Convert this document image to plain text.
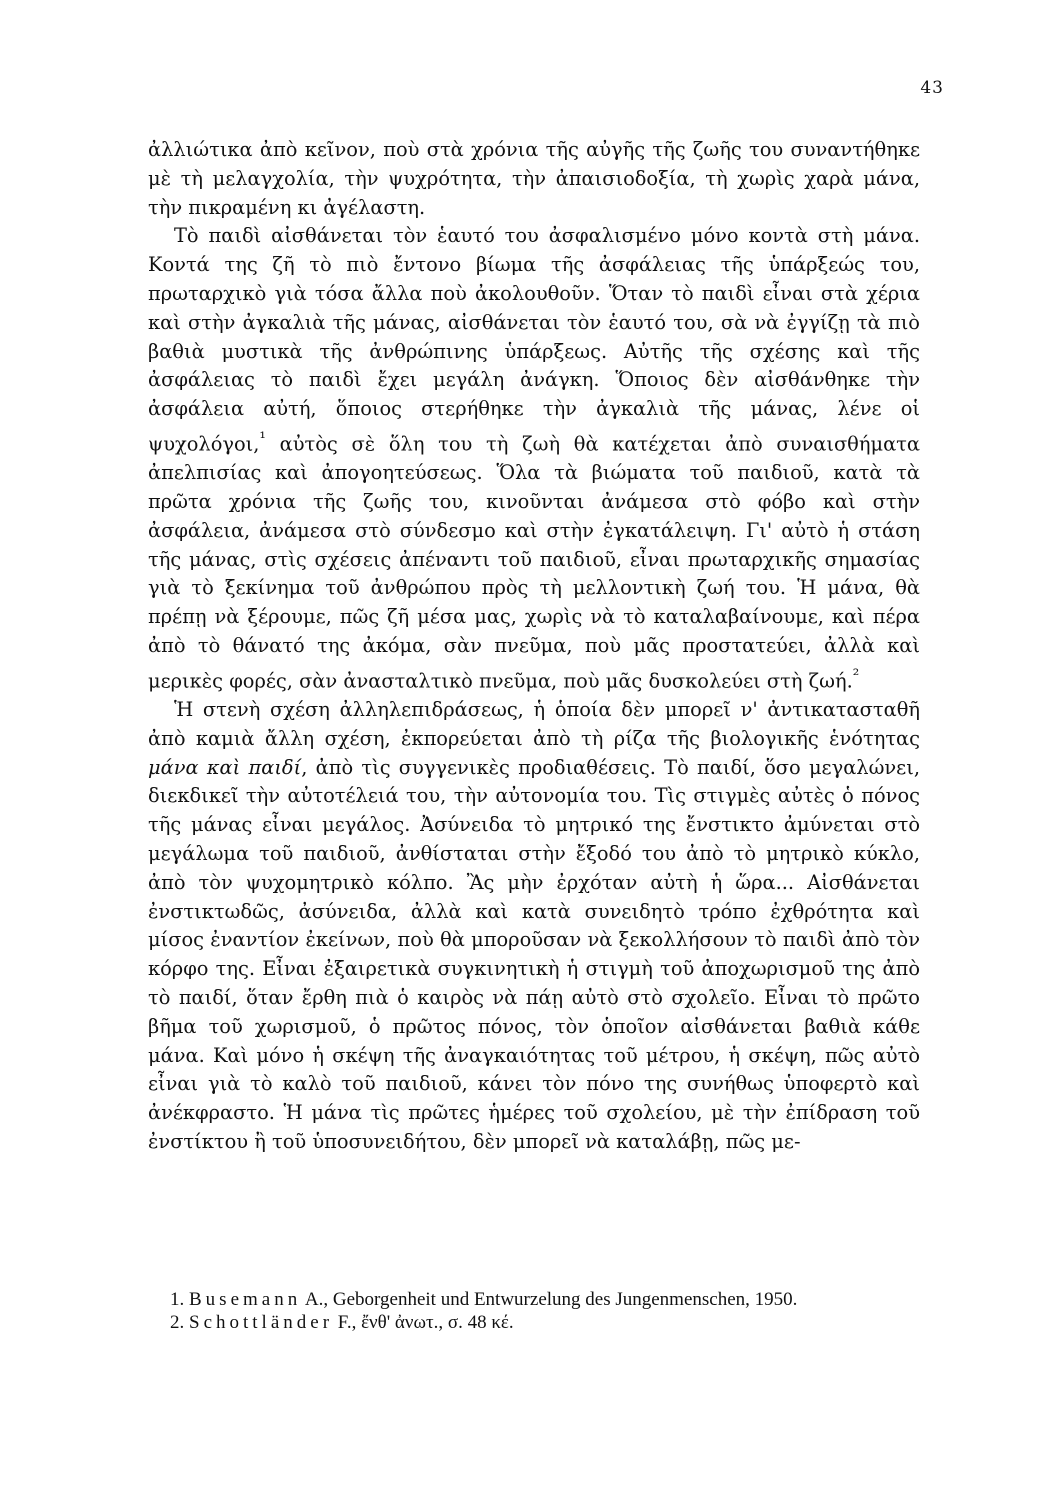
43

ἀλλιώτικα ἀπὸ κεῖνον, ποὺ στὰ χρόνια τῆς αὐγῆς τῆς ζωῆς του συναντήθηκε μὲ τὴ μελαγχολία, τὴν ψυχρότητα, τὴν ἀπαισιοδοξία, τὴ χωρὶς χαρὰ μάνα, τὴν πικραμένη κι ἀγέλαστη.

Τὸ παιδὶ αἰσθάνεται τὸν ἑαυτό του ἀσφαλισμένο μόνο κοντὰ στὴ μάνα. Κοντά της ζῆ τὸ πιὸ ἔντονο βίωμα τῆς ἀσφάλειας τῆς ὑπάρξεώς του, πρωταρχικὸ γιὰ τόσα ἄλλα ποὺ ἀκολουθοῦν. Ὅταν τὸ παιδὶ εἶναι στὰ χέρια καὶ στὴν ἀγκαλιὰ τῆς μάνας, αἰσθάνεται τὸν ἑαυτό του, σὰ νὰ ἐγγίζῃ τὰ πιὸ βαθιὰ μυστικὰ τῆς ἀνθρώπινης ὑπάρξεως. Αὐτῆς τῆς σχέσης καὶ τῆς ἀσφάλειας τὸ παιδὶ ἔχει μεγάλη ἀνάγκη. Ὅποιος δὲν αἰσθάνθηκε τὴν ἀσφάλεια αὐτή, ὅποιος στερήθηκε τὴν ἀγκαλιὰ τῆς μάνας, λένε οἱ ψυχολόγοι,$^{^1}$ αὐτὸς σὲ ὅλη του τὴ ζωὴ θὰ κατέχεται ἀπὸ συναισθήματα ἀπελπισίας καὶ ἀπογοητεύσεως. Ὅλα τὰ βιώματα τοῦ παιδιοῦ, κατὰ τὰ πρῶτα χρόνια τῆς ζωῆς του, κινοῦνται ἀνάμεσα στὸ φόβο καὶ στὴν ἀσφάλεια, ἀνάμεσα στὸ σύνδεσμο καὶ στὴν ἐγκατάλειψη. Γι' αὐτὸ ἡ στάση τῆς μάνας, στὶς σχέσεις ἀπέναντι τοῦ παιδιοῦ, εἶναι πρωταρχικῆς σημασίας γιὰ τὸ ξεκίνημα τοῦ ἀνθρώπου πρὸς τὴ μελλοντικὴ ζωή του. Ἡ μάνα, θὰ πρέπῃ νὰ ξέρουμε, πῶς ζῆ μέσα μας, χωρὶς νὰ τὸ καταλαβαίνουμε, καὶ πέρα ἀπὸ τὸ θάνατό της ἀκόμα, σὰν πνεῦμα, ποὺ μᾶς προστατεύει, ἀλλὰ καὶ μερικὲς φορές, σὰν ἀνασταλτικὸ πνεῦμα, ποὺ μᾶς δυσκολεύει στὴ ζωή.$^{^2}$

Ἡ στενὴ σχέση ἀλληλεπιδράσεως, ἡ ὁποία δὲν μπορεῖ ν' ἀντικατασταθῆ ἀπὸ καμιὰ ἄλλη σχέση, ἐκπορεύεται ἀπὸ τὴ ρίζα τῆς βιολογικῆς ἑνότητας μάνα καὶ παιδί, ἀπὸ τὶς συγγενικὲς προδιαθέσεις. Τὸ παιδί, ὅσο μεγαλώνει, διεκδικεῖ τὴν αὐτοτέλειά του, τὴν αὐτονομία του. Τὶς στιγμὲς αὐτὲς ὁ πόνος τῆς μάνας εἶναι μεγάλος. Ἀσύνειδα τὸ μητρικό της ἔνστικτο ἀμύνεται στὸ μεγάλωμα τοῦ παιδιοῦ, ἀνθίσταται στὴν ἔξοδό του ἀπὸ τὸ μητρικὸ κύκλο, ἀπὸ τὸν ψυχομητρικὸ κόλπο. Ἂς μὴν ἐρχόταν αὐτὴ ἡ ὥρα... Αἰσθάνεται ἐνστικτωδῶς, ἀσύνειδα, ἀλλὰ καὶ κατὰ συνειδητὸ τρόπο ἐχθρότητα καὶ μίσος ἐναντίον ἐκείνων, ποὺ θὰ μποροῦσαν νὰ ξεκολλήσουν τὸ παιδὶ ἀπὸ τὸν κόρφο της. Εἶναι ἐξαιρετικὰ συγκινητικὴ ἡ στιγμὴ τοῦ ἀποχωρισμοῦ της ἀπὸ τὸ παιδί, ὅταν ἔρθη πιὰ ὁ καιρὸς νὰ πάῃ αὐτὸ στὸ σχολεῖο. Εἶναι τὸ πρῶτο βῆμα τοῦ χωρισμοῦ, ὁ πρῶτος πόνος, τὸν ὁποῖον αἰσθάνεται βαθιὰ κάθε μάνα. Καὶ μόνο ἡ σκέψη τῆς ἀναγκαιότητας τοῦ μέτρου, ἡ σκέψη, πῶς αὐτὸ εἶναι γιὰ τὸ καλὸ τοῦ παιδιοῦ, κάνει τὸν πόνο της συνήθως ὑποφερτὸ καὶ ἀνέκφραστο. Ἡ μάνα τὶς πρῶτες ἡμέρες τοῦ σχολείου, μὲ τὴν ἐπίδραση τοῦ ἐνστίκτου ἢ τοῦ ὑποσυνειδήτου, δὲν μπορεῖ νὰ καταλάβῃ, πῶς με-

1. Busemann A., Geborgenheit und Entwurzelung des Jungenmenschen, 1950.

2. Schottländer F., ἔνθ' ἀνωτ., σ. 48 κέ.
